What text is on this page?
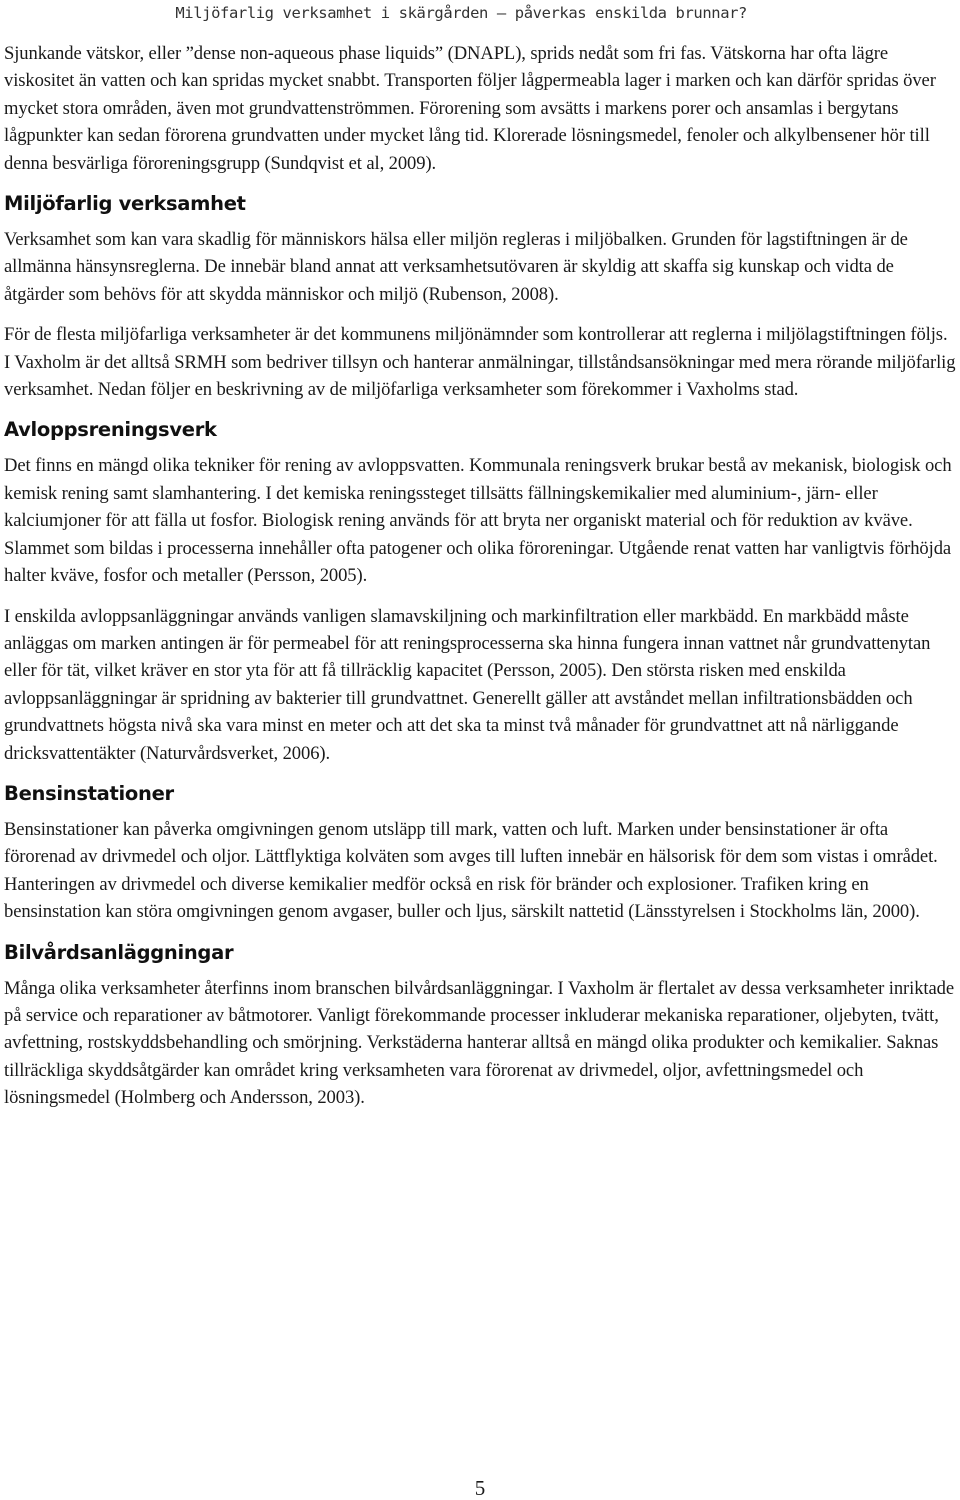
Miljöfarlig verksamhet i skärgården – påverkas enskilda brunnar?

Sjunkande vätskor, eller ”dense non-aqueous phase liquids” (DNAPL), sprids nedåt som fri fas. Vätskorna har ofta lägre viskositet än vatten och kan spridas mycket snabbt. Transporten följer lågpermeabla lager i marken och kan därför spridas över mycket stora områden, även mot grundvattenströmmen. Förorening som avsätts i markens porer och ansamlas i bergytans lågpunkter kan sedan förorena grundvatten under mycket lång tid. Klorerade lösningsmedel, fenoler och alkylbensener hör till denna besvärliga föroreningsgrupp (Sundqvist et al, 2009).

Miljöfarlig verksamhet

Verksamhet som kan vara skadlig för människors hälsa eller miljön regleras i miljöbalken. Grunden för lagstiftningen är de allmänna hänsynsreglerna. De innebär bland annat att verksamhetsutövaren är skyldig att skaffa sig kunskap och vidta de åtgärder som behövs för att skydda människor och miljö (Rubenson, 2008).

För de flesta miljöfarliga verksamheter är det kommunens miljönämnder som kontrollerar att reglerna i miljölagstiftningen följs. I Vaxholm är det alltså SRMH som bedriver tillsyn och hanterar anmälningar, tillståndsansökningar med mera rörande miljöfarlig verksamhet. Nedan följer en beskrivning av de miljöfarliga verksamheter som förekommer i Vaxholms stad.

Avloppsreningsverk

Det finns en mängd olika tekniker för rening av avloppsvatten. Kommunala reningsverk brukar bestå av mekanisk, biologisk och kemisk rening samt slamhantering. I det kemiska reningssteget tillsätts fällningskemikalier med aluminium-, järn- eller kalciumjoner för att fälla ut fosfor. Biologisk rening används för att bryta ner organiskt material och för reduktion av kväve. Slammet som bildas i processerna innehåller ofta patogener och olika föroreningar. Utgående renat vatten har vanligtvis förhöjda halter kväve, fosfor och metaller (Persson, 2005).

I enskilda avloppsanläggningar används vanligen slamavskiljning och markinfiltration eller markbädd. En markbädd måste anläggas om marken antingen är för permeabel för att reningsprocesserna ska hinna fungera innan vattnet når grundvattenytan eller för tät, vilket kräver en stor yta för att få tillräcklig kapacitet (Persson, 2005). Den största risken med enskilda avloppsanläggningar är spridning av bakterier till grundvattnet. Generellt gäller att avståndet mellan infiltrationsbädden och grundvattnets högsta nivå ska vara minst en meter och att det ska ta minst två månader för grundvattnet att nå närliggande dricksvattentäkter (Naturvårdsverket, 2006).

Bensinstationer

Bensinstationer kan påverka omgivningen genom utsläpp till mark, vatten och luft. Marken under bensinstationer är ofta förorenad av drivmedel och oljor. Lättflyktiga kolväten som avges till luften innebär en hälsorisk för dem som vistas i området. Hanteringen av drivmedel och diverse kemikalier medför också en risk för bränder och explosioner. Trafiken kring en bensinstation kan störa omgivningen genom avgaser, buller och ljus, särskilt nattetid (Länsstyrelsen i Stockholms län, 2000).

Bilvårdsanläggningar

Många olika verksamheter återfinns inom branschen bilvårdsanläggningar. I Vaxholm är flertalet av dessa verksamheter inriktade på service och reparationer av båtmotorer. Vanligt förekommande processer inkluderar mekaniska reparationer, oljebyten, tvätt, avfettning, rostskyddsbehandling och smörjning. Verkstäderna hanterar alltså en mängd olika produkter och kemikalier. Saknas tillräckliga skyddsåtgärder kan området kring verksamheten vara förorenat av drivmedel, oljor, avfettningsmedel och lösningsmedel (Holmberg och Andersson, 2003).

5
